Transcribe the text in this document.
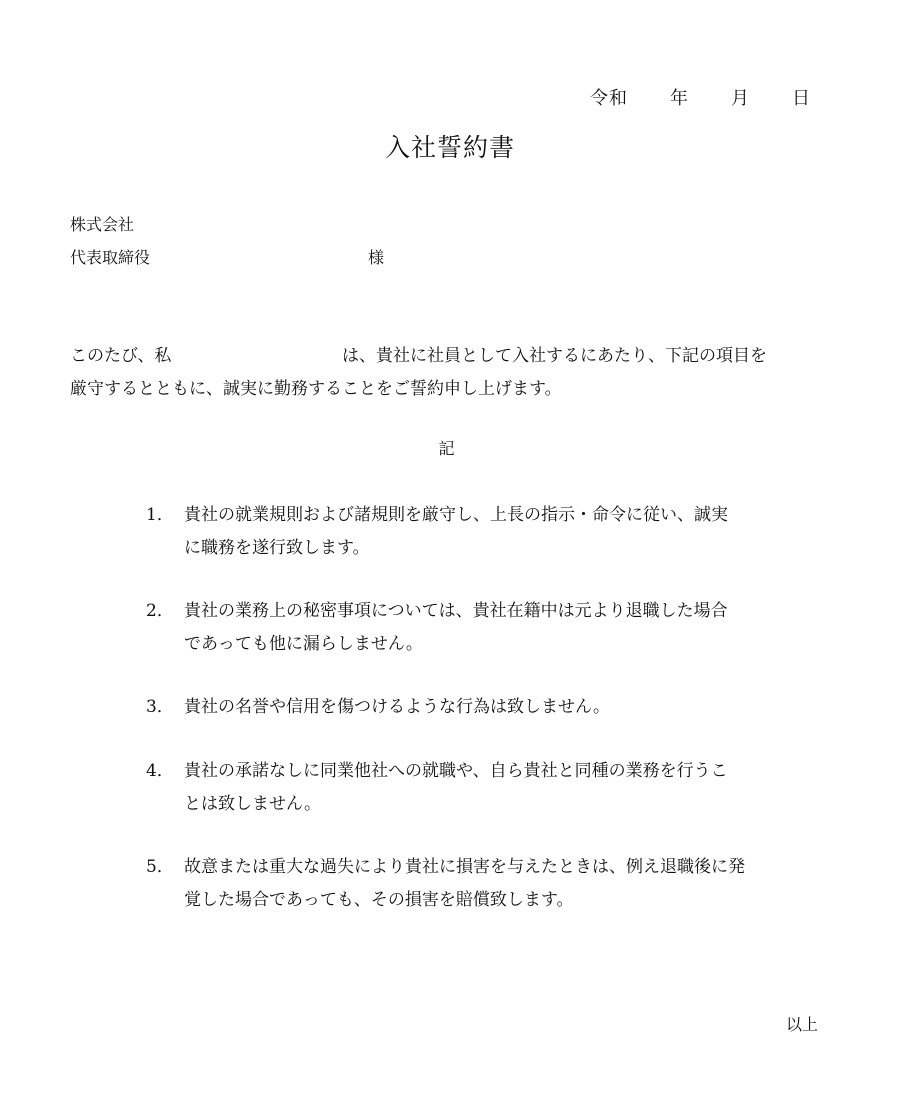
令和 年 月 日
入社誓約書
株式会社
代表取締役	様
このたび、私	は、貴社に社員として入社するにあたり、下記の項目を
厳守するとともに、誠実に勤務することをご誓約申し上げます。
記
1． 貴社の就業規則および諸規則を厳守し、上長の指示・命令に従い、誠実
に職務を遂行致します。
2． 貴社の業務上の秘密事項については、貴社在籍中は元より退職した場合
であっても他に漏らしません。
3． 貴社の名誉や信用を傷つけるような行為は致しません。
4． 貴社の承諾なしに同業他社への就職や、自ら貴社と同種の業務を行うこ
とは致しません。
5． 故意または重大な過失により貴社に損害を与えたときは、例え退職後に発
覚した場合であっても、その損害を賠償致します。
以上
